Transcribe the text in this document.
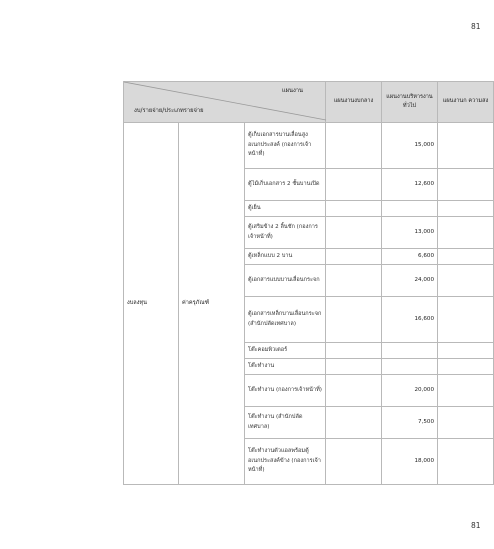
81
แผนงาน
งบ/รายจ่าย/ประเภทรายจ่าย			แผนงานงบกลาง	แผนงานบริหารงานทั่วไป	แผนงานก ความสง
งบลงทุน	ค่าครุภัณฑ์	ตู้เก็บเอกสารบานเลื่อนสูงอเนกประสงค์ (กองการเจ้าหน้าที่)		15,000	
		ตู้ไม้เก็บเอกสาร 2 ชั้นบานเปิด		12,600	
		ตู้เย็น			
		ตู้เสริมข้าง 2 ลิ้นชัก (กองการเจ้าหน้าที่)		13,000	
		ตู้เหล็กแบบ 2 บาน		6,600	
		ตู้เอกสารแบบบานเลื่อนกระจก		24,000	
		ตู้เอกสารเหล็กบานเลื่อนกระจก (สำนักปลัดเทศบาล)		16,600	
		โต๊ะคอมพิวเตอร์			
		โต๊ะทำงาน			
		โต๊ะทำงาน (กองการเจ้าหน้าที่)		20,000	
		โต๊ะทำงาน (สำนักปลัดเทศบาล)		7,500	
		โต๊ะทำงานตัวแอลพร้อมตู้อเนกประสงค์ข้าง (กองการเจ้าหน้าที่)		18,000	
81
